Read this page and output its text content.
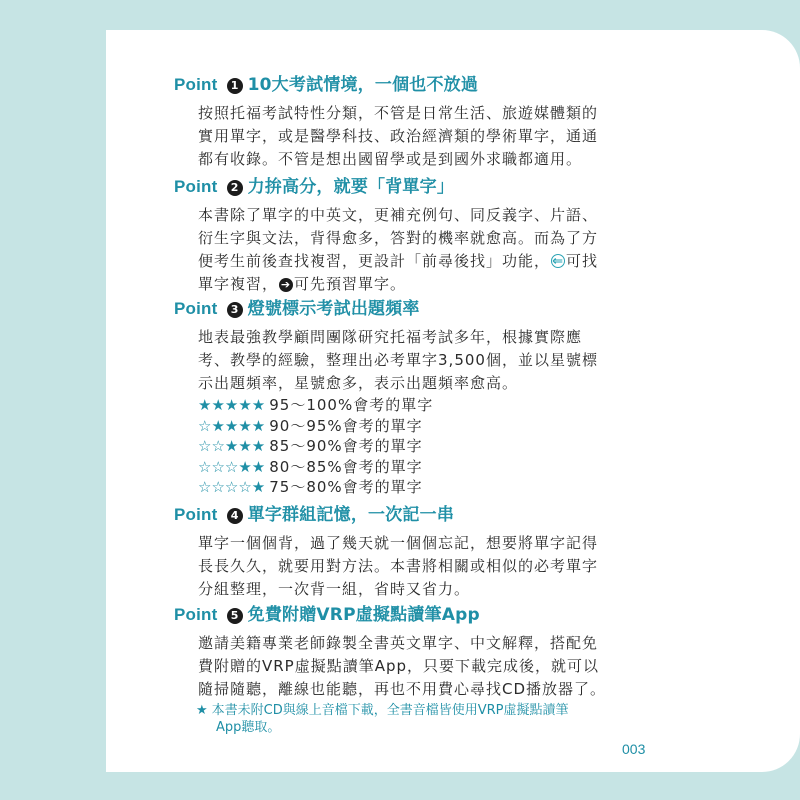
Point 1 10大考試情境，一個也不放過
按照托福考試特性分類，不管是日常生活、旅遊媒體類的
實用單字，或是醫學科技、政治經濟類的學術單字，通通
都有收錄。不管是想出國留學或是到國外求職都適用。
Point 2 力拚高分，就要「背單字」
本書除了單字的中英文，更補充例句、同反義字、片語、
衍生字與文法，背得愈多，答對的機率就愈高。而為了方
便考生前後查找複習，更設計「前尋後找」功能， ⇐ 可找
單字複習， ➔ 可先預習單字。
Point 3 燈號標示考試出題頻率
地表最強教學顧問團隊研究托福考試多年，根據實際應
考、教學的經驗，整理出必考單字3,500個，並以星號標
示出題頻率，星號愈多，表示出題頻率愈高。
★★★★★ 95～100%會考的單字
☆★★★★ 90～95%會考的單字
☆☆★★★ 85～90%會考的單字
☆☆☆★★ 80～85%會考的單字
☆☆☆☆★ 75～80%會考的單字
Point 4 單字群組記憶，一次記一串
單字一個個背，過了幾天就一個個忘記，想要將單字記得
長長久久，就要用對方法。本書將相關或相似的必考單字
分組整理，一次背一組，省時又省力。
Point 5 免費附贈VRP虛擬點讀筆App
邀請美籍專業老師錄製全書英文單字、中文解釋，搭配免
費附贈的VRP虛擬點讀筆App，只要下載完成後，就可以
隨掃隨聽，離線也能聽，再也不用費心尋找CD播放器了。
★ 本書未附CD與線上音檔下載，全書音檔皆使用VRP虛擬點讀筆
App聽取。
003
